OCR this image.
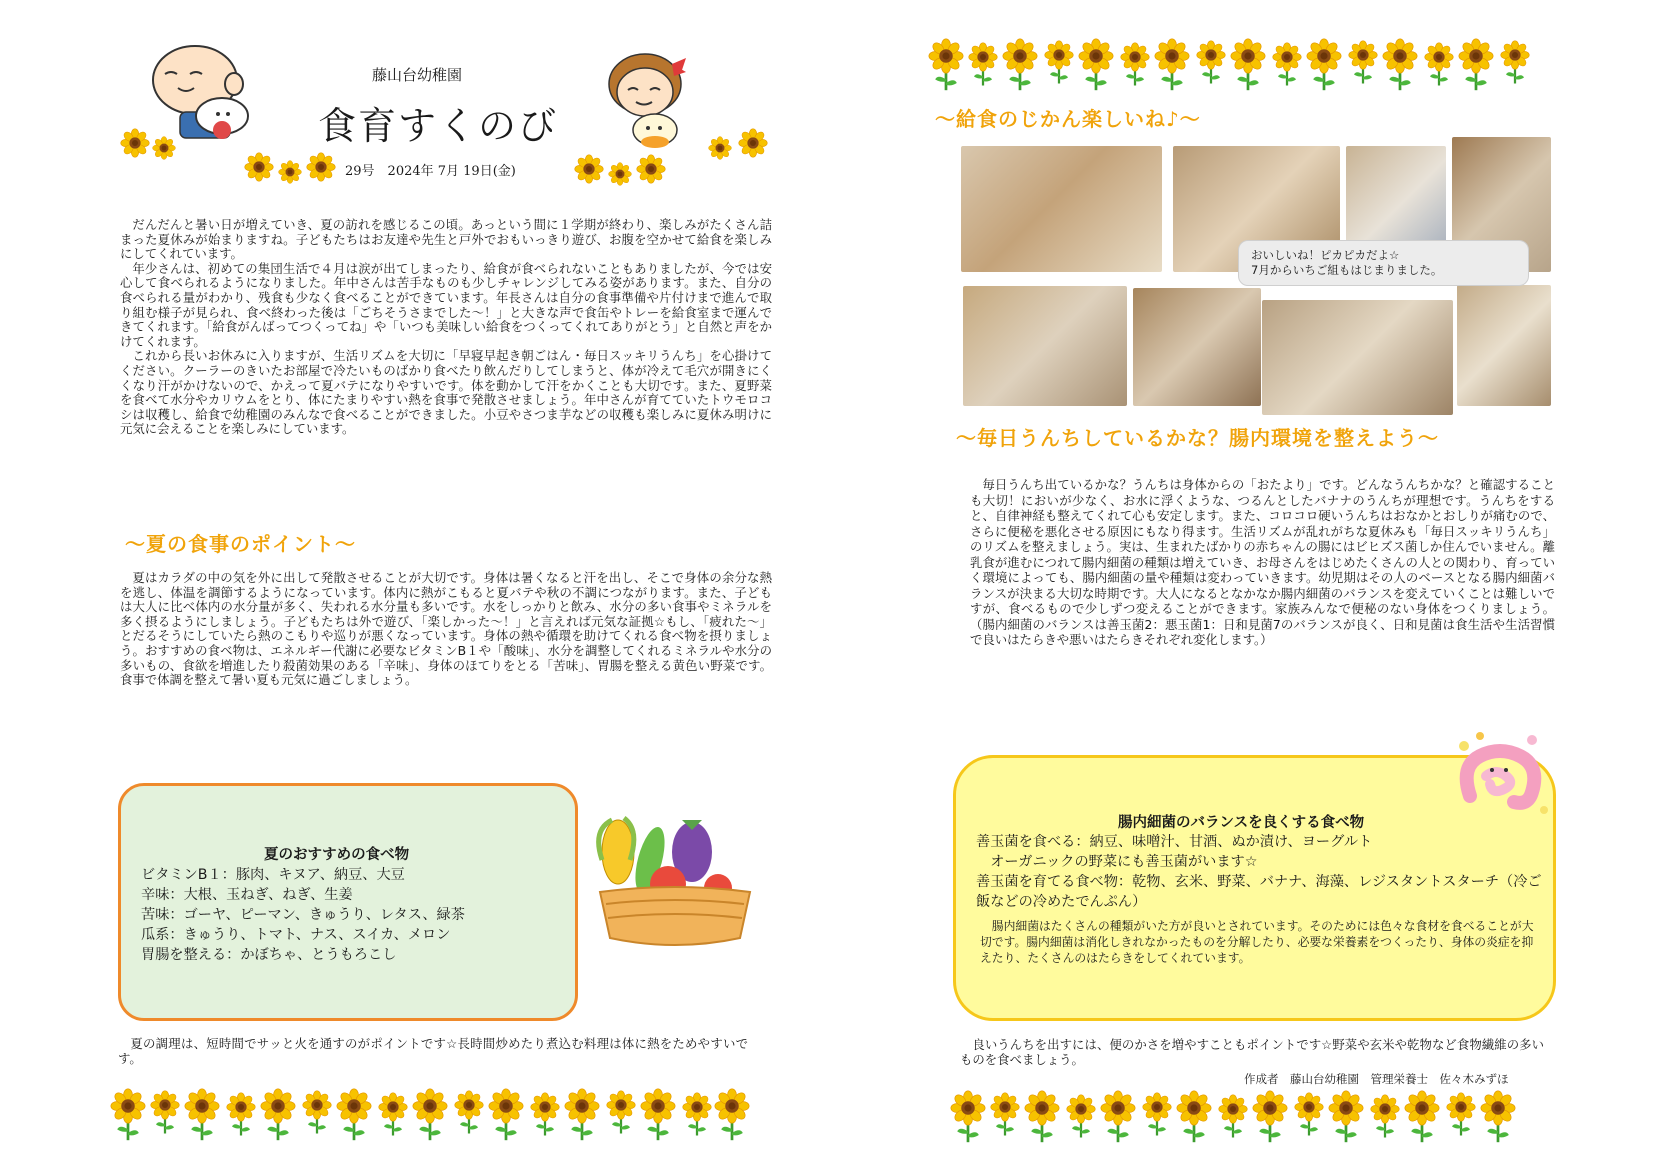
藤山台幼稚園
食育すくのび
29号　2024年 7月 19日(金)

だんだんと暑い日が増えていき、夏の訪れを感じるこの頃。あっという間に１学期が終わり、楽しみがたくさん詰まった夏休みが始まりますね。子どもたちはお友達や先生と戸外でおもいっきり遊び、お腹を空かせて給食を楽しみにしてくれています。

年少さんは、初めての集団生活で４月は涙が出てしまったり、給食が食べられないこともありましたが、今では安心して食べられるようになりました。年中さんは苦手なものも少しチャレンジしてみる姿があります。また、自分の食べられる量がわかり、残食も少なく食べることができています。年長さんは自分の食事準備や片付けまで進んで取り組む様子が見られ、食べ終わった後は「ごちそうさまでした～！」と大きな声で食缶やトレーを給食室まで運んできてくれます。「給食がんばってつくってね」や「いつも美味しい給食をつくってくれてありがとう」と自然と声をかけてくれます。

これから長いお休みに入りますが、生活リズムを大切に「早寝早起き朝ごはん・毎日スッキリうんち」を心掛けてください。クーラーのきいたお部屋で冷たいものばかり食べたり飲んだりしてしまうと、体が冷えて毛穴が開きにくくなり汗がかけないので、かえって夏バテになりやすいです。体を動かして汗をかくことも大切です。また、夏野菜を食べて水分やカリウムをとり、体にたまりやすい熱を食事で発散させましょう。年中さんが育てていたトウモロコシは収穫し、給食で幼稚園のみんなで食べることができました。小豆やさつま芋などの収穫も楽しみに夏休み明けに元気に会えることを楽しみにしています。

～夏の食事のポイント～

夏はカラダの中の気を外に出して発散させることが大切です。身体は暑くなると汗を出し、そこで身体の余分な熱を逃し、体温を調節するようになっています。体内に熱がこもると夏バテや秋の不調につながります。また、子どもは大人に比べ体内の水分量が多く、失われる水分量も多いです。水をしっかりと飲み、水分の多い食事やミネラルを多く摂るようにしましょう。子どもたちは外で遊び、「楽しかった～！」と言えれば元気な証拠☆もし、「疲れた～」とだるそうにしていたら熱のこもりや巡りが悪くなっています。身体の熱や循環を助けてくれる食べ物を摂りましょう。おすすめの食べ物は、エネルギー代謝に必要なビタミンB１や「酸味」、水分を調整してくれるミネラルや水分の多いもの、食欲を増進したり殺菌効果のある「辛味」、身体のほてりをとる「苦味」、胃腸を整える黄色い野菜です。食事で体調を整えて暑い夏も元気に過ごしましょう。

夏のおすすめの食べ物
ビタミンB１：豚肉、キヌア、納豆、大豆
辛味：大根、玉ねぎ、ねぎ、生姜
苦味：ゴーヤ、ピーマン、きゅうり、レタス、緑茶
瓜系：きゅうり、トマト、ナス、スイカ、メロン
胃腸を整える：かぼちゃ、とうもろこし

夏の調理は、短時間でサッと火を通すのがポイントです☆長時間炒めたり煮込む料理は体に熱をためやすいです。

～給食のじかん楽しいね♪～
おいしいね！ピカピカだよ☆
7月からいちご組もはじまりました。
～毎日うんちしているかな？腸内環境を整えよう～

毎日うんち出ているかな？うんちは身体からの「おたより」です。どんなうんちかな？と確認することも大切！においが少なく、お水に浮くような、つるんとしたバナナのうんちが理想です。うんちをすると、自律神経も整えてくれて心も安定します。また、コロコロ硬いうんちはおなかとおしりが痛むので、さらに便秘を悪化させる原因にもなり得ます。生活リズムが乱れがちな夏休みも「毎日スッキリうんち」のリズムを整えましょう。実は、生まれたばかりの赤ちゃんの腸にはビヒズス菌しか住んでいません。離乳食が進むにつれて腸内細菌の種類は増えていき、お母さんをはじめたくさんの人との関わり、育っていく環境によっても、腸内細菌の量や種類は変わっていきます。幼児期はその人のベースとなる腸内細菌バランスが決まる大切な時期です。大人になるとなかなか腸内細菌のバランスを変えていくことは難しいですが、食べるもので少しずつ変えることができます。家族みんなで便秘のない身体をつくりましょう。（腸内細菌のバランスは善玉菌2：悪玉菌1：日和見菌7のバランスが良く、日和見菌は食生活や生活習慣で良いはたらきや悪いはたらきそれぞれ変化します。）

腸内細菌のバランスを良くする食べ物
善玉菌を食べる：納豆、味噌汁、甘酒、ぬか漬け、ヨーグルト
　オーガニックの野菜にも善玉菌がいます☆
善玉菌を育てる食べ物：乾物、玄米、野菜、バナナ、海藻、レジスタントスターチ（冷ご飯などの冷めたでんぷん）
腸内細菌はたくさんの種類がいた方が良いとされています。そのためには色々な食材を食べることが大切です。腸内細菌は消化しきれなかったものを分解したり、必要な栄養素をつくったり、身体の炎症を抑えたり、たくさんのはたらきをしてくれています。

良いうんちを出すには、便のかさを増やすこともポイントです☆野菜や玄米や乾物など食物繊維の多いものを食べましょう。

作成者　藤山台幼稚園　管理栄養士　佐々木みずほ
